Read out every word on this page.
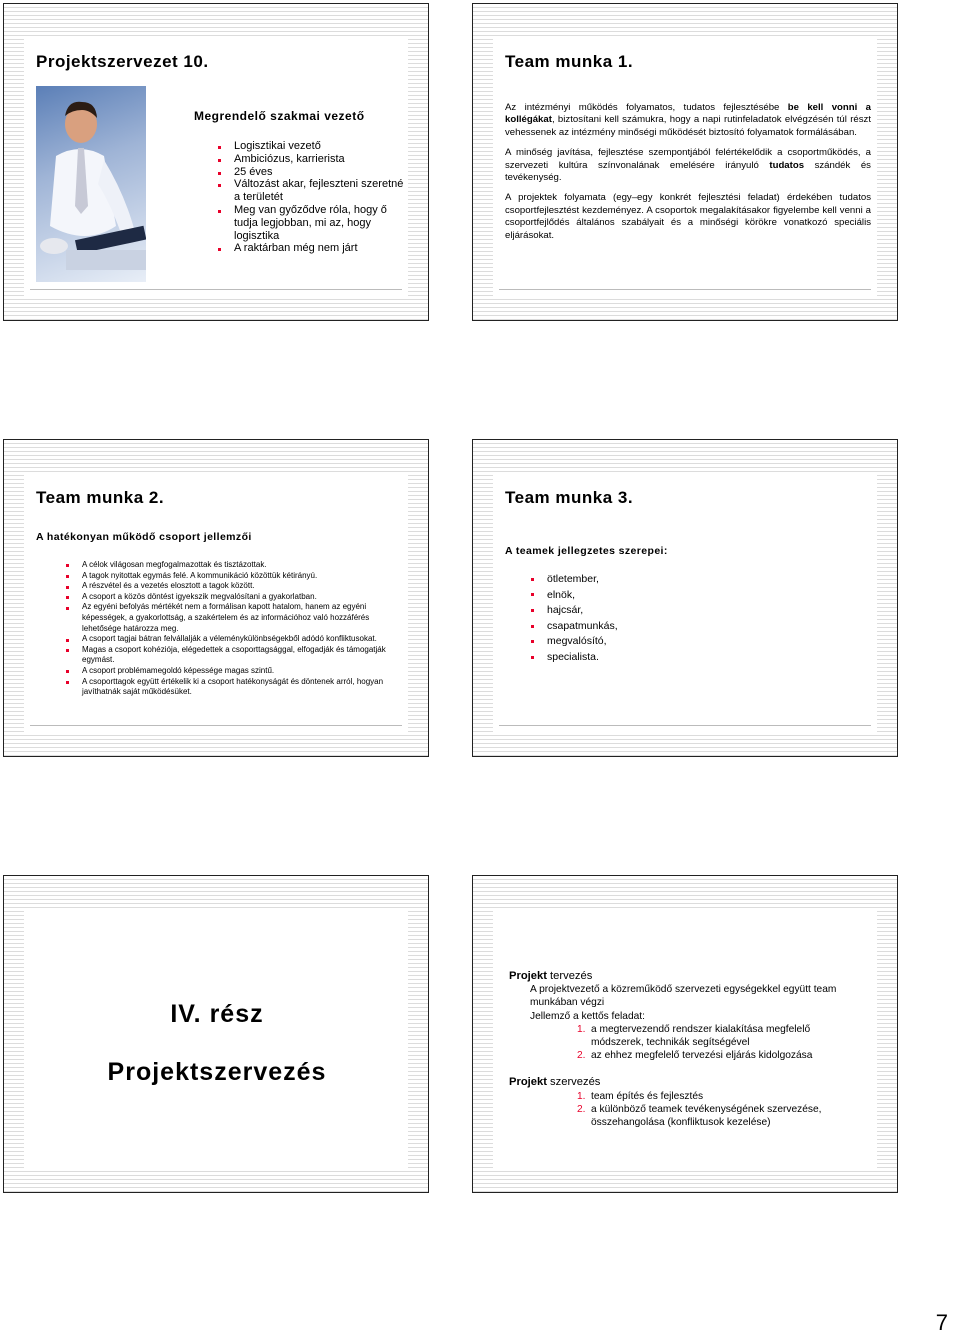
Projektszervezet 10.
Megrendelő szakmai vezető
Logisztikai vezető
Ambiciózus, karrierista
25 éves
Változást akar, fejleszteni szeretné a területét
Meg van győződve róla, hogy ő tudja legjobban, mi az, hogy logisztika
A raktárban még nem járt
Team munka 1.

Az intézményi működés folyamatos, tudatos fejlesztésébe be kell vonni a kollégákat, biztosítani kell számukra, hogy a napi rutinfeladatok elvégzésén túl részt vehessenek az intézmény minőségi működését biztosító folyamatok formálásában.

A minőség javítása, fejlesztése szempontjából felértékelődik a csoportműködés, a szervezeti kultúra színvonalának emelésére irányuló tudatos szándék és tevékenység.

A projektek folyamata (egy–egy konkrét fejlesztési feladat) érdekében tudatos csoportfejlesztést kezdeményez. A csoportok megalakításakor figyelembe kell venni a csoportfejlődés általános szabályait és a minőségi körökre vonatkozó speciális eljárásokat.

Team munka 2.
A hatékonyan működő csoport jellemzői
A célok világosan megfogalmazottak és tisztázottak.
A tagok nyitottak egymás felé. A kommunikáció közöttük kétirányú.
A részvétel és a vezetés elosztott a tagok között.
A csoport a közös döntést igyekszik megvalósítani a gyakorlatban.
Az egyéni befolyás mértékét nem a formálisan kapott hatalom, hanem az egyéni képességek, a gyakorlottság, a szakértelem és az információhoz való hozzáférés lehetősége határozza meg.
A csoport tagjai bátran felvállalják a véleménykülönbségekből adódó konfliktusokat.
Magas a csoport kohéziója, elégedettek a csoporttagsággal, elfogadják és támogatják egymást.
A csoport problémamegoldó képessége magas szintű.
A csoporttagok együtt értékelik ki a csoport hatékonyságát és döntenek arról, hogyan javíthatnák saját működésüket.
Team munka 3.
A teamek jellegzetes szerepei:
ötletember,
elnök,
hajcsár,
csapatmunkás,
megvalósító,
specialista.
IV. rész
Projektszervezés
Projekt tervezés
A projektvezető a közreműködő szervezeti egységekkel együtt team munkában végzi
Jellemző a kettős feladat:
1. a megtervezendő rendszer kialakítása megfelelő módszerek, technikák segítségével
2. az ehhez megfelelő tervezési eljárás kidolgozása
Projekt szervezés
1. team építés és fejlesztés
2. a különböző teamek tevékenységének szervezése, összehangolása (konfliktusok kezelése)
7
